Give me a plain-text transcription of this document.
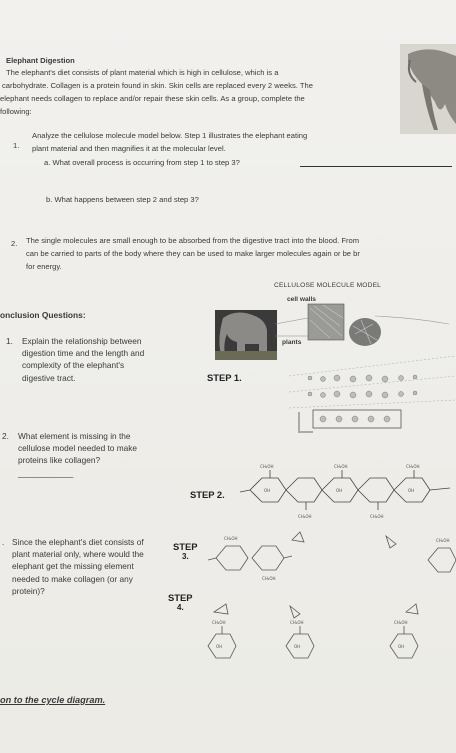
Elephant Digestion
The elephant's diet consists of plant material which is high in cellulose, which is a
carbohydrate. Collagen is a protein found in skin. Skin cells are replaced every 2 weeks. The
elephant needs collagen to replace and/or repair these skin cells. As a group, complete the
following:
1.
Analyze the cellulose molecule model below. Step 1 illustrates the elephant eating
plant material and then magnifies it at the molecular level.
a. What overall process is occurring from step 1 to step 3?
b. What happens between step 2 and step 3?
2. The single molecules are small enough to be absorbed from the digestive tract into the blood. From
can be carried to parts of the body where they can be used to make larger molecules again or be br
for energy.
CELLULOSE MOLECULE MODEL
onclusion Questions:
1. Explain the relationship between digestion time and the length and complexity of the elephant's digestive tract.
cell walls
plants
STEP 1.
2. What element is missing in the cellulose model needed to make proteins like collagen? ____________
STEP 2.
CH₂OH	CH₂OH	CH₂OH
CH₂OH	CH₂OH
OH	OH	OH
. Since the elephant's diet consists of plant material only, where would the elephant get the missing element needed to make collagen (or any protein)?
STEP
3.
CH₂OH
CH₂OH
CH₂OH
STEP
4.
CH₂OH	CH₂OH	CH₂OH
OH	OH	OH
on to the cycle diagram.
